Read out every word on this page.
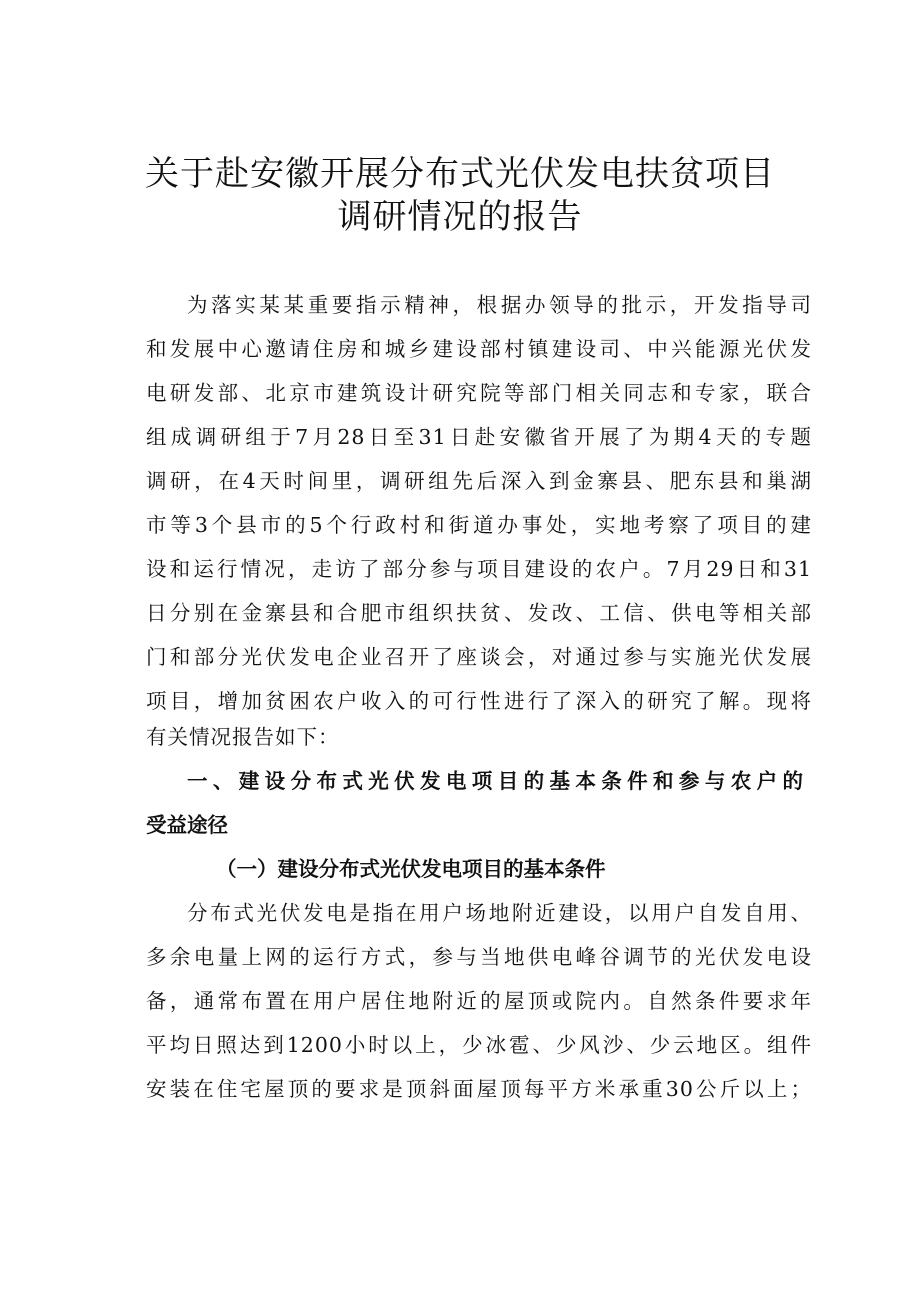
关于赴安徽开展分布式光伏发电扶贫项目
调研情况的报告
为落实某某重要指示精神，根据办领导的批示，开发指导司
和发展中心邀请住房和城乡建设部村镇建设司、中兴能源光伏发
电研发部、北京市建筑设计研究院等部门相关同志和专家，联合
组成调研组于7月28日至31日赴安徽省开展了为期4天的专题
调研，在4天时间里，调研组先后深入到金寨县、肥东县和巢湖
市等3个县市的5个行政村和街道办事处，实地考察了项目的建
设和运行情况，走访了部分参与项目建设的农户。7月29日和31
日分别在金寨县和合肥市组织扶贫、发改、工信、供电等相关部
门和部分光伏发电企业召开了座谈会，对通过参与实施光伏发展
项目，增加贫困农户收入的可行性进行了深入的研究了解。现将
有关情况报告如下：
一、建设分布式光伏发电项目的基本条件和参与农户的
受益途径
（一）建设分布式光伏发电项目的基本条件
分布式光伏发电是指在用户场地附近建设，以用户自发自用、
多余电量上网的运行方式，参与当地供电峰谷调节的光伏发电设
备，通常布置在用户居住地附近的屋顶或院内。自然条件要求年
平均日照达到1200小时以上，少冰雹、少风沙、少云地区。组件
安装在住宅屋顶的要求是顶斜面屋顶每平方米承重30公斤以上；
